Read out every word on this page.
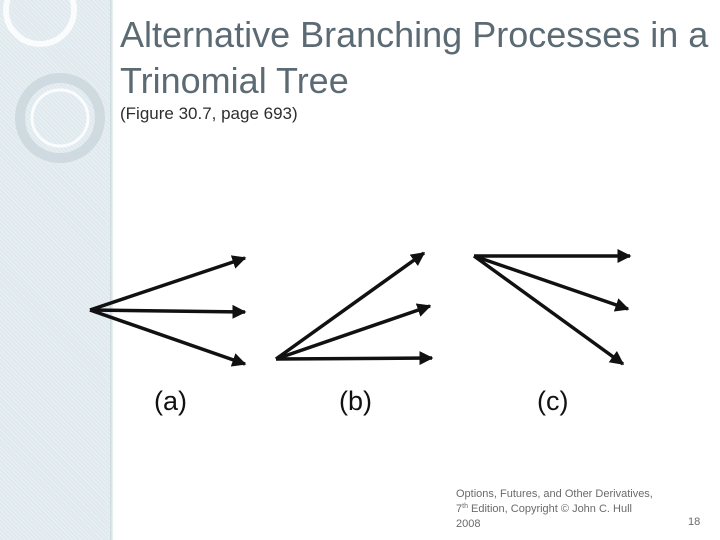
Alternative Branching Processes in a Trinomial Tree
(Figure 30.7, page 693)
(a)	(b)	(c)
Options, Futures, and Other Derivatives,
7th Edition, Copyright © John C. Hull
2008	18
